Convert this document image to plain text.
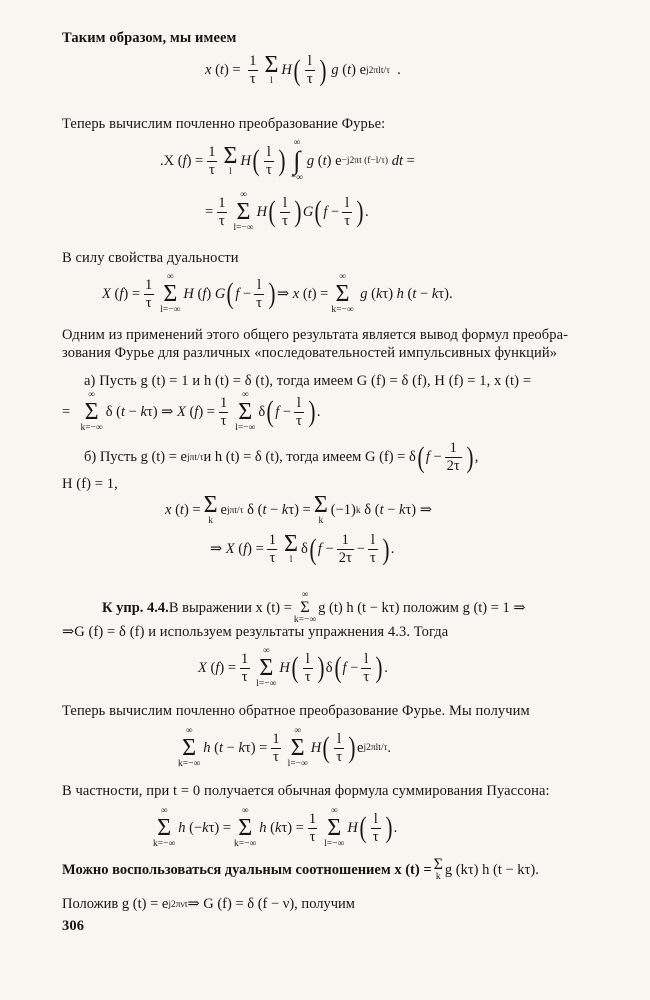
Таким образом, мы имеем
x ( t ) = $\frac{1}{\tau}$ Σ
l
H ( $\frac{l}{\tau}$ )
g ( t ) e j2πlt/τ .
Теперь вычислим почленно преобразование Фурье:
.X ( f ) = $\frac{1}{\tau}$ Σ
l
H ( $\frac{l}{\tau}$ )
∞
∫
−∞
g ( t ) e −j2πt (f−l/τ)
dt =
= $\frac{1}{\tau}$ ∞
Σ
l=−∞
H ( $\frac{l}{\tau}$ ) G ( $f - \frac{l}{\tau}$ ) .
В силу свойства дуальности
X ( f ) = $\frac{1}{\tau}$ ∞
Σ
l=−∞
H ( f ) G ( $f - \frac{l}{\tau}$ ) ⇒ x ( t ) =
∞
Σ
k=−∞

g ( k τ) h ( t − k τ).
Одним из применений этого общего результата является вывод формул преобра-
зования Фурье для различных «последовательностей импульсивных функций»
а) Пусть g (t) = 1 и h (t) = δ (t), тогда имеем G (f) = δ (f), H (f) = 1, x (t) =
=
∞
Σ
k=−∞
δ ( t − k τ) ⇒ X ( f ) = $\frac{1}{\tau}$ ∞
Σ
l=−∞
δ ( $f - \frac{l}{\tau}$ ) .
б) Пусть g (t) = e jπt/τ и h (t) = δ (t), тогда имеем G (f) = δ ( $f - \frac{1}{2\tau}$ ) ,
H (f) = 1,
x ( t ) = Σ
k
e jπt/τ δ ( t − k τ) = Σ
k
(−1) k δ ( t − k τ) ⇒
⇒ X ( f ) = $\frac{1}{\tau}$ Σ
l
δ ( $f - \frac{1}{2\tau} - \frac{l}{\tau}$ ) .
К упр. 4.4. В выражении x (t) =
∞
Σ
k=−∞
g (t) h (t − kτ) положим g (t) = 1 ⇒
⇒G (f) = δ (f) и используем результаты упражнения 4.3. Тогда
X ( f ) = $\frac{1}{\tau}$ ∞
Σ
l=−∞
H ( $\frac{l}{\tau}$ ) δ ( $f - \frac{l}{\tau}$ ) .
Теперь вычислим почленно обратное преобразование Фурье. Мы получим
∞
Σ
k=−∞
h ( t − k $\tau) = \frac{1}{\tau}$ ∞
Σ
l=−∞
H ( $\frac{l}{\tau}$ ) e j2πlt/τ .
В частности, при t = 0 получается обычная формула суммирования Пуассона:
∞
Σ
k=−∞
h (− k τ) =
∞
Σ
k=−∞
h ( k $\tau) = \frac{1}{\tau}$ ∞
Σ
l=−∞
H ( $\frac{l}{\tau}$ ) .
Можно воспользоваться дуальным соотношением x (t) = Σ
k g (kτ) h (t − kτ).
Положив g (t) = e j2πνt ⇒ G (f) = δ (f − ν), получим
306
